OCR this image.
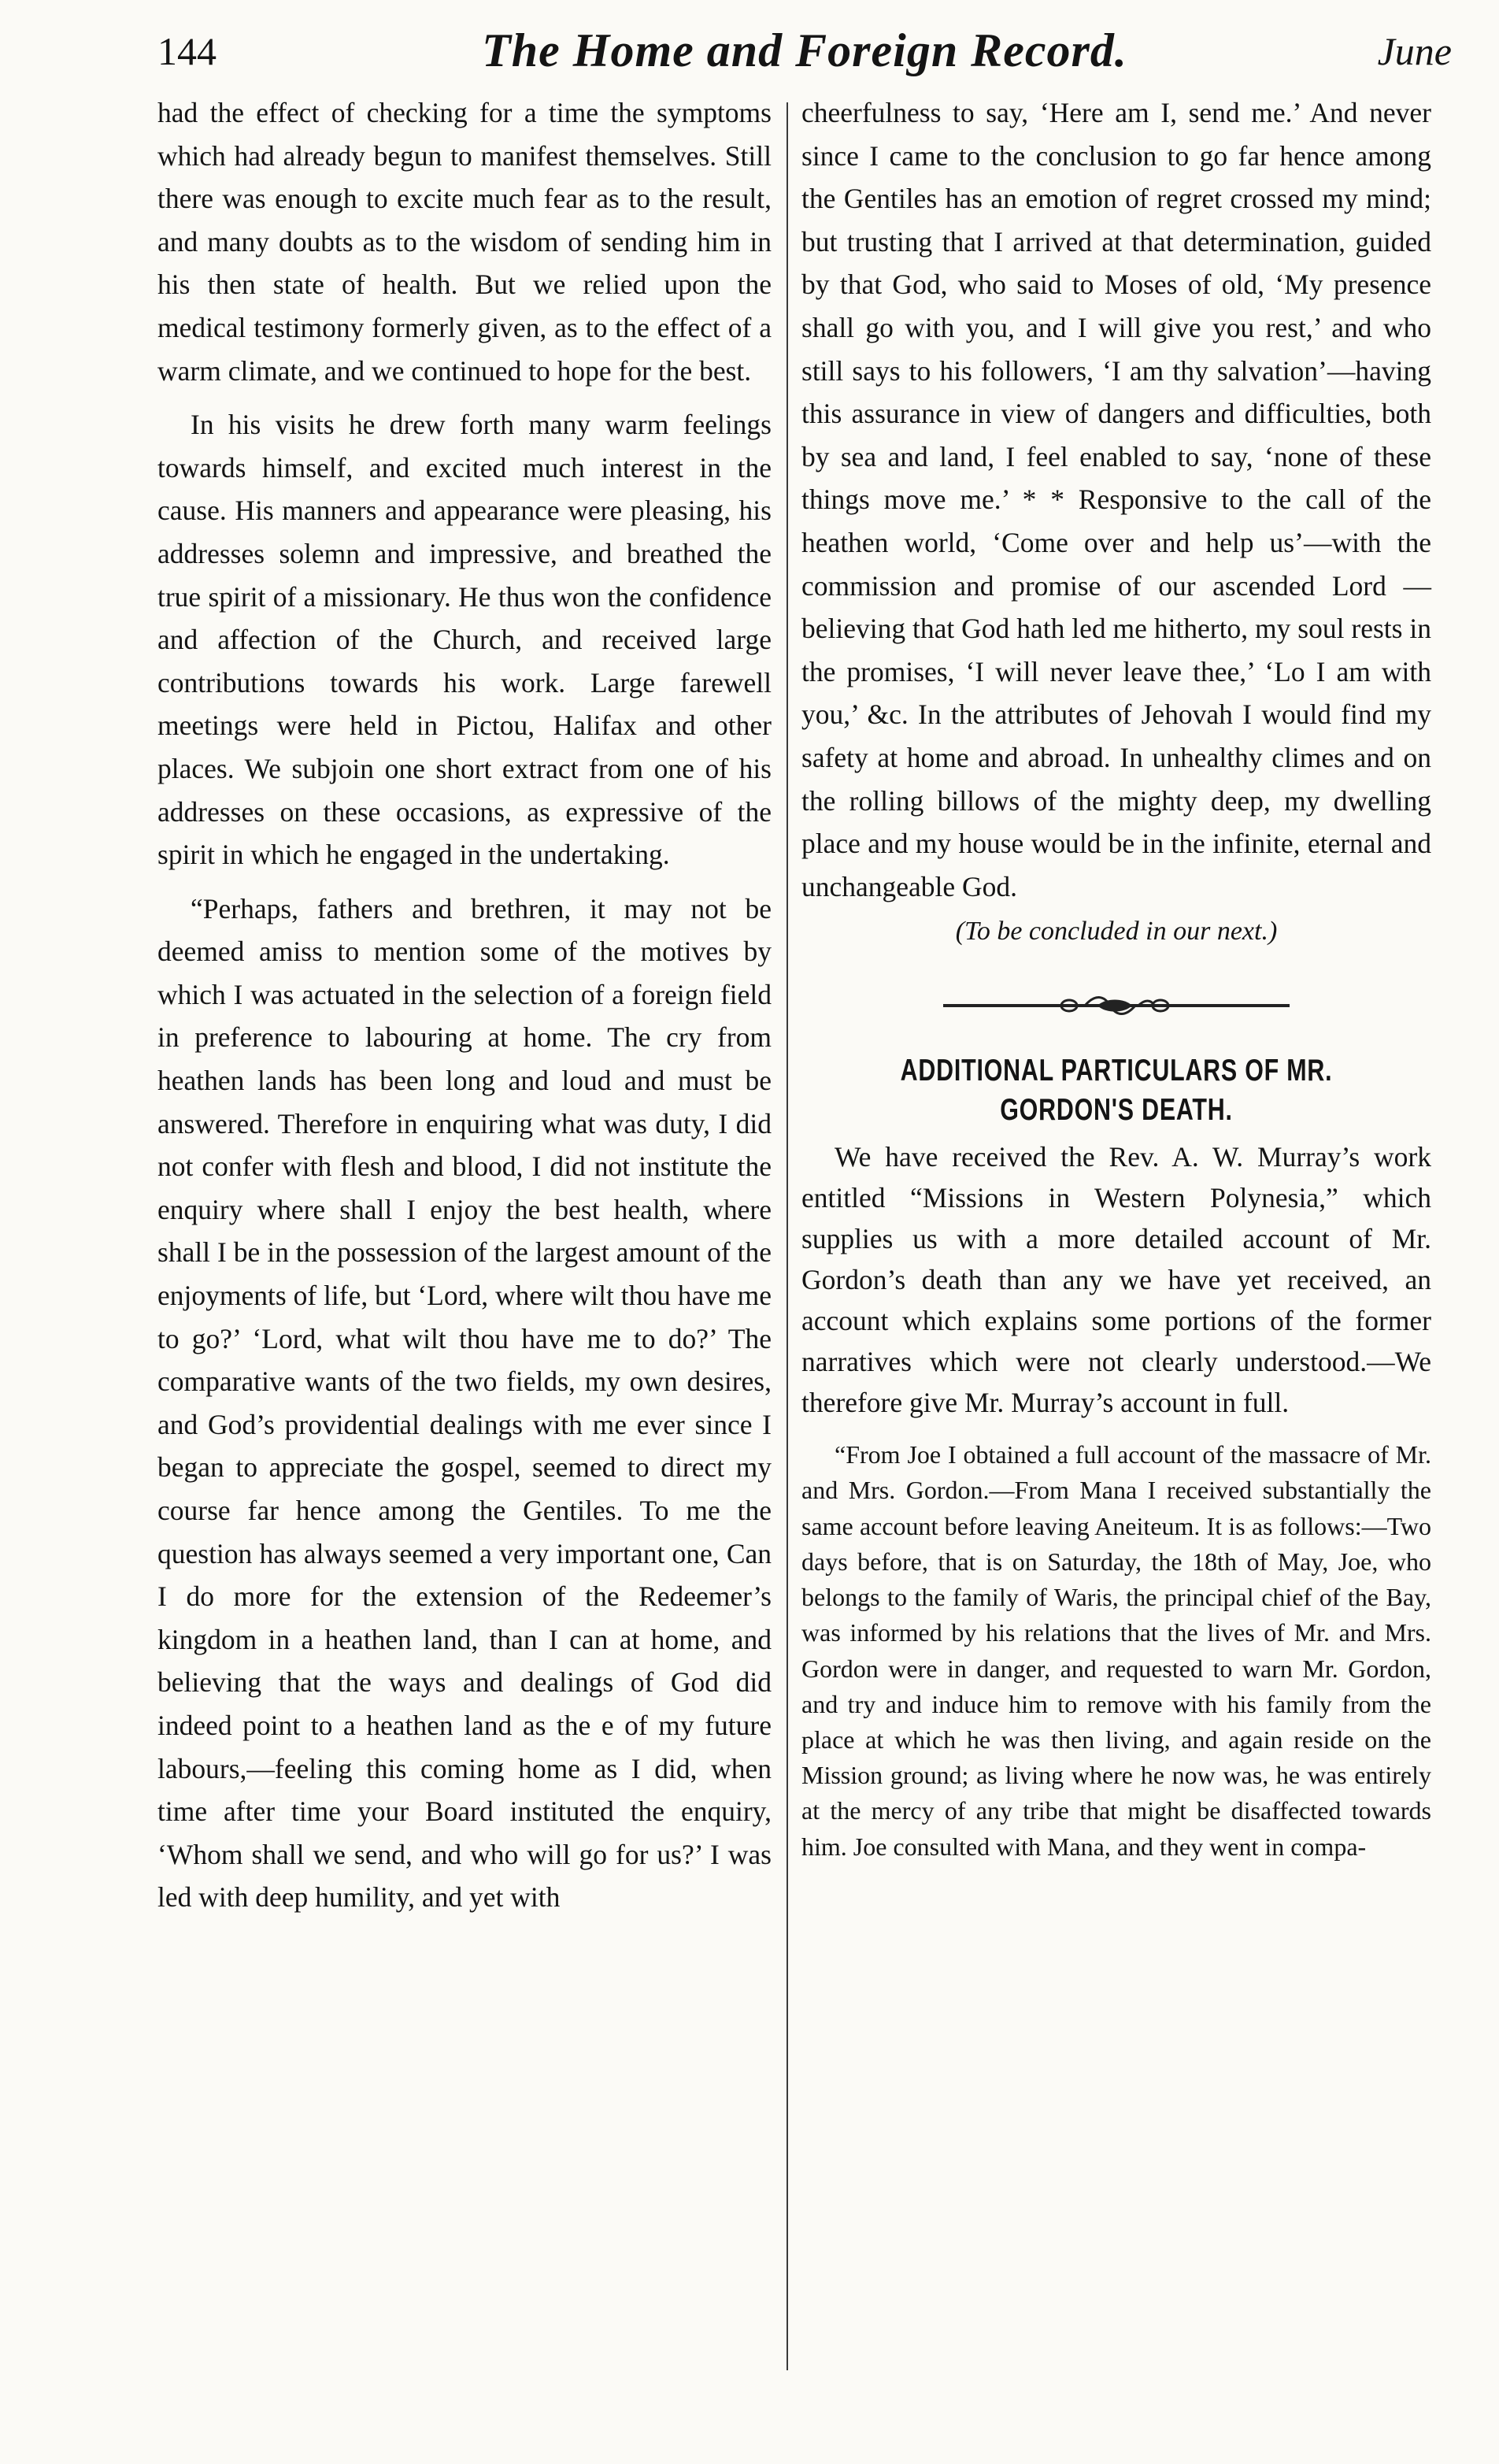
144	The Home and Foreign Record.	June

had the effect of checking for a time the symptoms which had already begun to manifest themselves. Still there was enough to excite much fear as to the result, and many doubts as to the wisdom of sending him in his then state of health. But we relied upon the medical testimony formerly given, as to the effect of a warm climate, and we continued to hope for the best.

In his visits he drew forth many warm feelings towards himself, and excited much interest in the cause. His manners and appearance were pleasing, his addresses solemn and impressive, and breathed the true spirit of a missionary. He thus won the confidence and affection of the Church, and received large contributions towards his work. Large farewell meetings were held in Pictou, Halifax and other places. We subjoin one short extract from one of his addresses on these occasions, as expressive of the spirit in which he engaged in the undertaking.

“Perhaps, fathers and brethren, it may not be deemed amiss to mention some of the motives by which I was actuated in the selection of a foreign field in preference to labouring at home. The cry from heathen lands has been long and loud and must be answered. Therefore in enquiring what was duty, I did not confer with flesh and blood, I did not institute the enquiry where shall I enjoy the best health, where shall I be in the possession of the largest amount of the enjoyments of life, but ‘Lord, where wilt thou have me to go?’ ‘Lord, what wilt thou have me to do?’ The comparative wants of the two fields, my own desires, and God’s providential dealings with me ever since I began to appreciate the gospel, seemed to direct my course far hence among the Gentiles. To me the question has always seemed a very important one, Can I do more for the extension of the Redeemer’s kingdom in a heathen land, than I can at home, and believing that the ways and dealings of God did indeed point to a heathen land as the e of my future labours,—feeling this coming home as I did, when time after time your Board instituted the enquiry, ‘Whom shall we send, and who will go for us?’ I was led with deep humility, and yet with

cheerfulness to say, ‘Here am I, send me.’ And never since I came to the conclusion to go far hence among the Gentiles has an emotion of regret crossed my mind; but trusting that I arrived at that determination, guided by that God, who said to Moses of old, ‘My presence shall go with you, and I will give you rest,’ and who still says to his followers, ‘I am thy salvation’—having this assurance in view of dangers and difficulties, both by sea and land, I feel enabled to say, ‘none of these things move me.’ * * Responsive to the call of the heathen world, ‘Come over and help us’—with the commission and promise of our ascended Lord —believing that God hath led me hitherto, my soul rests in the promises, ‘I will never leave thee,’ ‘Lo I am with you,’ &c. In the attributes of Jehovah I would find my safety at home and abroad. In unhealthy climes and on the rolling billows of the mighty deep, my dwelling place and my house would be in the infinite, eternal and unchangeable God.

(To be concluded in our next.)
ADDITIONAL PARTICULARS OF MR. GORDON'S DEATH.

We have received the Rev. A. W. Murray’s work entitled “Missions in Western Polynesia,” which supplies us with a more detailed account of Mr. Gordon’s death than any we have yet received, an account which explains some portions of the former narratives which were not clearly understood.—We therefore give Mr. Murray’s account in full.

“From Joe I obtained a full account of the massacre of Mr. and Mrs. Gordon.—From Mana I received substantially the same account before leaving Aneiteum. It is as follows:—Two days before, that is on Saturday, the 18th of May, Joe, who belongs to the family of Waris, the principal chief of the Bay, was informed by his relations that the lives of Mr. and Mrs. Gordon were in danger, and requested to warn Mr. Gordon, and try and induce him to remove with his family from the place at which he was then living, and again reside on the Mission ground; as living where he now was, he was entirely at the mercy of any tribe that might be disaffected towards him. Joe consulted with Mana, and they went in compa-
